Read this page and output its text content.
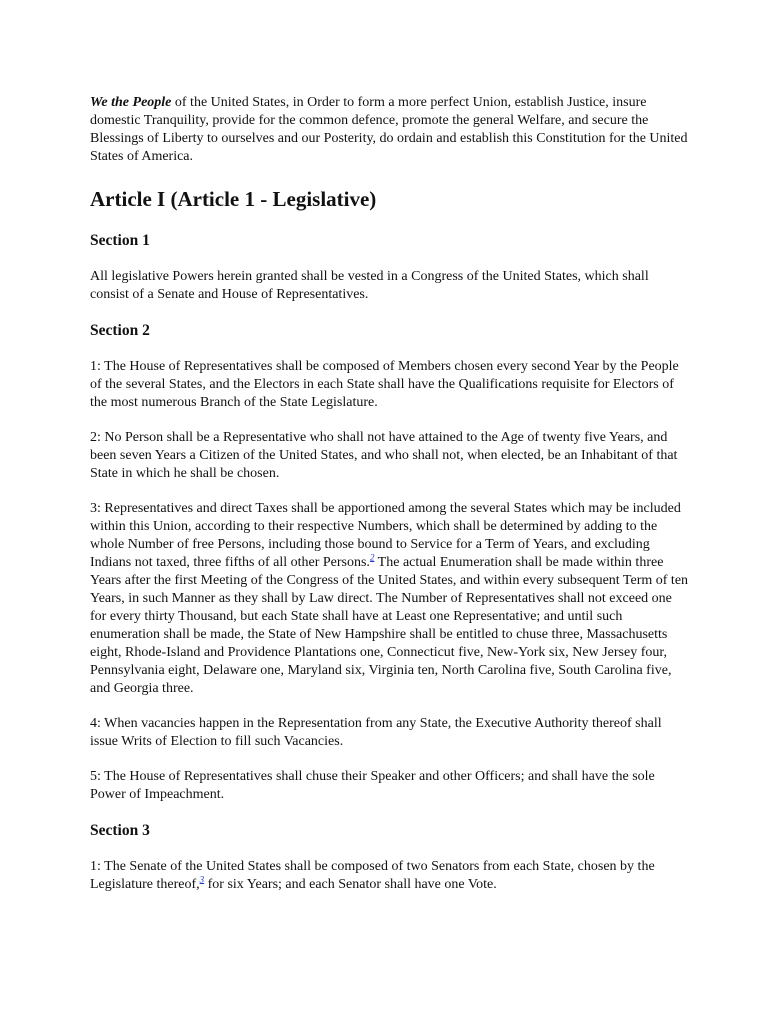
We the People of the United States, in Order to form a more perfect Union, establish Justice, insure domestic Tranquility, provide for the common defence, promote the general Welfare, and secure the Blessings of Liberty to ourselves and our Posterity, do ordain and establish this Constitution for the United States of America.

Article I (Article 1 - Legislative)
Section 1

All legislative Powers herein granted shall be vested in a Congress of the United States, which shall consist of a Senate and House of Representatives.

Section 2

1: The House of Representatives shall be composed of Members chosen every second Year by the People of the several States, and the Electors in each State shall have the Qualifications requisite for Electors of the most numerous Branch of the State Legislature.

2: No Person shall be a Representative who shall not have attained to the Age of twenty five Years, and been seven Years a Citizen of the United States, and who shall not, when elected, be an Inhabitant of that State in which he shall be chosen.

3: Representatives and direct Taxes shall be apportioned among the several States which may be included within this Union, according to their respective Numbers, which shall be determined by adding to the whole Number of free Persons, including those bound to Service for a Term of Years, and excluding Indians not taxed, three fifths of all other Persons.$^2$ The actual Enumeration shall be made within three Years after the first Meeting of the Congress of the United States, and within every subsequent Term of ten Years, in such Manner as they shall by Law direct. The Number of Representatives shall not exceed one for every thirty Thousand, but each State shall have at Least one Representative; and until such enumeration shall be made, the State of New Hampshire shall be entitled to chuse three, Massachusetts eight, Rhode-Island and Providence Plantations one, Connecticut five, New-York six, New Jersey four, Pennsylvania eight, Delaware one, Maryland six, Virginia ten, North Carolina five, South Carolina five, and Georgia three.

4: When vacancies happen in the Representation from any State, the Executive Authority thereof shall issue Writs of Election to fill such Vacancies.

5: The House of Representatives shall chuse their Speaker and other Officers; and shall have the sole Power of Impeachment.

Section 3

1: The Senate of the United States shall be composed of two Senators from each State, chosen by the Legislature thereof,$^3$ for six Years; and each Senator shall have one Vote.
